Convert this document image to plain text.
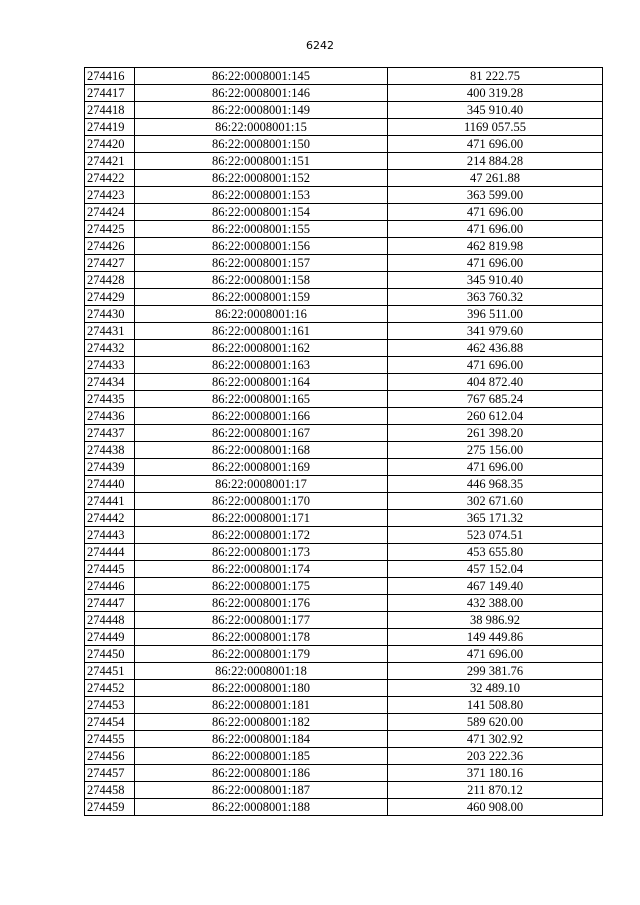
6242
274416	86:22:0008001:145	81 222.75
274417	86:22:0008001:146	400 319.28
274418	86:22:0008001:149	345 910.40
274419	86:22:0008001:15	1169 057.55
274420	86:22:0008001:150	471 696.00
274421	86:22:0008001:151	214 884.28
274422	86:22:0008001:152	47 261.88
274423	86:22:0008001:153	363 599.00
274424	86:22:0008001:154	471 696.00
274425	86:22:0008001:155	471 696.00
274426	86:22:0008001:156	462 819.98
274427	86:22:0008001:157	471 696.00
274428	86:22:0008001:158	345 910.40
274429	86:22:0008001:159	363 760.32
274430	86:22:0008001:16	396 511.00
274431	86:22:0008001:161	341 979.60
274432	86:22:0008001:162	462 436.88
274433	86:22:0008001:163	471 696.00
274434	86:22:0008001:164	404 872.40
274435	86:22:0008001:165	767 685.24
274436	86:22:0008001:166	260 612.04
274437	86:22:0008001:167	261 398.20
274438	86:22:0008001:168	275 156.00
274439	86:22:0008001:169	471 696.00
274440	86:22:0008001:17	446 968.35
274441	86:22:0008001:170	302 671.60
274442	86:22:0008001:171	365 171.32
274443	86:22:0008001:172	523 074.51
274444	86:22:0008001:173	453 655.80
274445	86:22:0008001:174	457 152.04
274446	86:22:0008001:175	467 149.40
274447	86:22:0008001:176	432 388.00
274448	86:22:0008001:177	38 986.92
274449	86:22:0008001:178	149 449.86
274450	86:22:0008001:179	471 696.00
274451	86:22:0008001:18	299 381.76
274452	86:22:0008001:180	32 489.10
274453	86:22:0008001:181	141 508.80
274454	86:22:0008001:182	589 620.00
274455	86:22:0008001:184	471 302.92
274456	86:22:0008001:185	203 222.36
274457	86:22:0008001:186	371 180.16
274458	86:22:0008001:187	211 870.12
274459	86:22:0008001:188	460 908.00
